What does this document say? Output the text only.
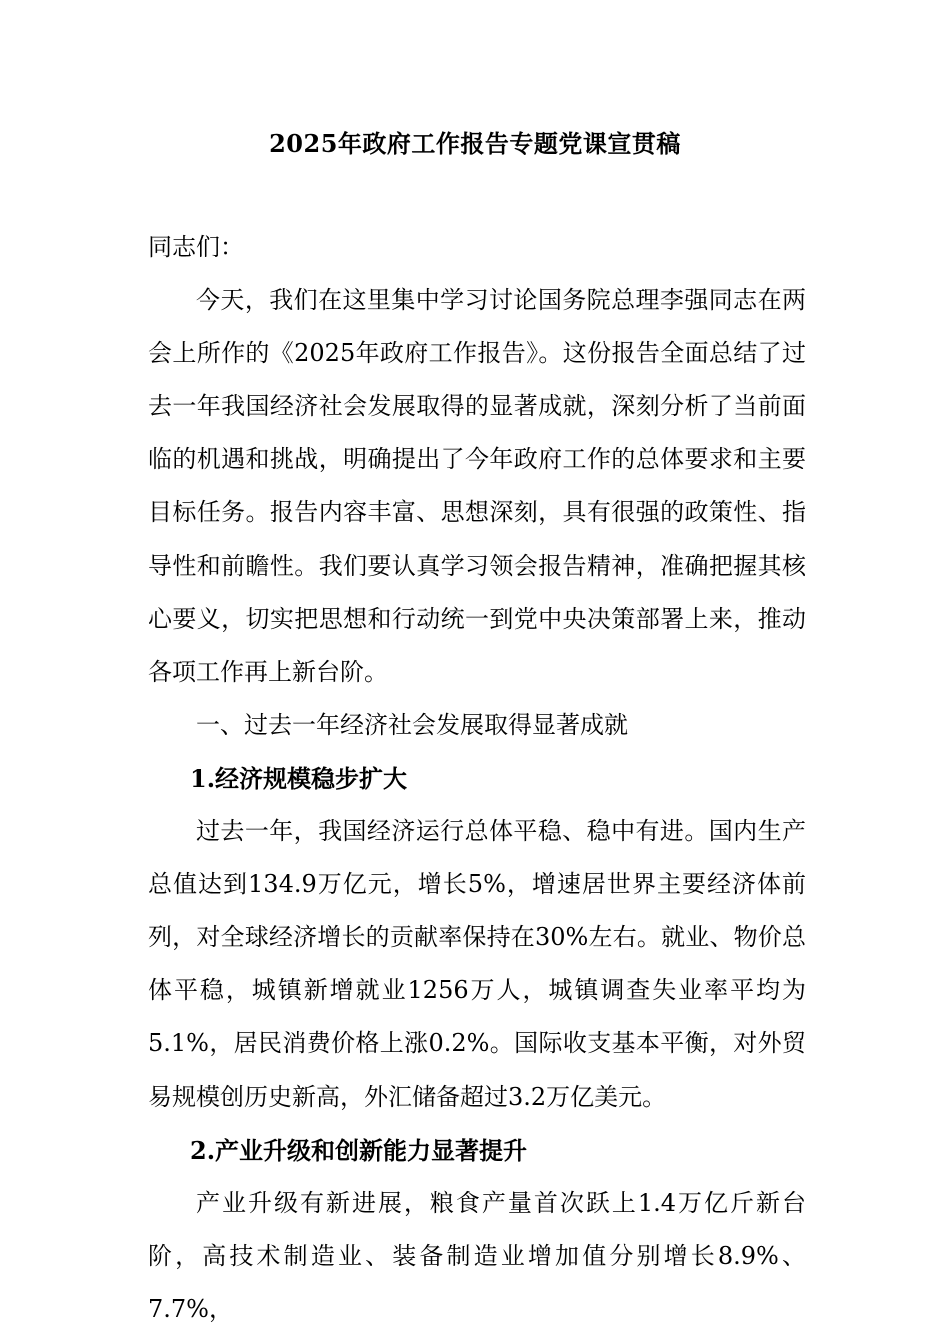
2025年政府工作报告专题党课宣贯稿

同志们：

今天，我们在这里集中学习讨论国务院总理李强同志在两会上所作的《2025年政府工作报告》。这份报告全面总结了过去一年我国经济社会发展取得的显著成就，深刻分析了当前面临的机遇和挑战，明确提出了今年政府工作的总体要求和主要目标任务。报告内容丰富、思想深刻，具有很强的政策性、指导性和前瞻性。我们要认真学习领会报告精神，准确把握其核心要义，切实把思想和行动统一到党中央决策部署上来，推动各项工作再上新台阶。

一、过去一年经济社会发展取得显著成就

1.经济规模稳步扩大

过去一年，我国经济运行总体平稳、稳中有进。国内生产总值达到134.9万亿元，增长5%，增速居世界主要经济体前列，对全球经济增长的贡献率保持在30%左右。就业、物价总体平稳，城镇新增就业1256万人，城镇调查失业率平均为5.1%，居民消费价格上涨0.2%。国际收支基本平衡，对外贸易规模创历史新高，外汇储备超过3.2万亿美元。

2.产业升级和创新能力显著提升

产业升级有新进展，粮食产量首次跃上1.4万亿斤新台阶，高技术制造业、装备制造业增加值分别增长8.9%、7.7%，
